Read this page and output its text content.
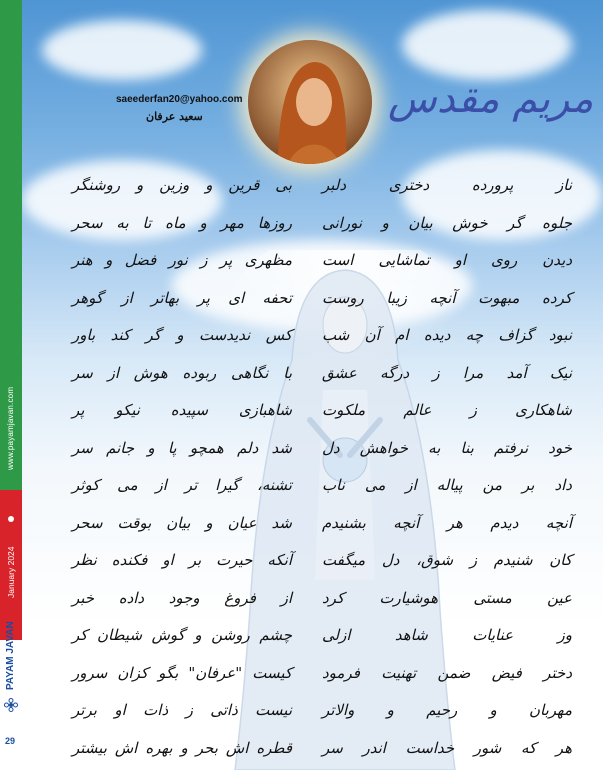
www.payamjavan.com
January 2024
PAYAM JAVAN
29
مریم مقدس
saeederfan20@yahoo.com
سعید عرفان
ناز پرورده دختری دلبر
بی قرین و وزین و روشنگر
جلوه گر خوش بیان و نورانی
روزها مهر و ماه تا به سحر
دیدن روی او تماشایی است
مظهری پر ز نور فضل و هنر
کرده مبهوت آنچه زیبا روست
تحفه ای پر بهاتر از گوهر
نبود گزاف چه دیده ام آن شب
کس ندیدست و گر کند باور
نیک آمد مرا ز درگه عشق
با نگاهی ربوده هوش از سر
شاهکاری ز عالم ملکوت
شاهبازی سپیده نیکو پر
خود نرفتم بنا به خواهش دل
شد دلم همچو پا و جانم سر
داد بر من پیاله از می ناب
تشنه، گیرا تر از می کوثر
آنچه دیدم هر آنچه بشنیدم
شد عیان و بیان بوقت سحر
کان شنیدم ز شوق، دل میگفت
آنکه حیرت بر او فکنده نظر
عین مستی هوشیارت کرد
از فروغ وجود داده خبر
وز عنایات شاهد ازلی
چشم روشن و گوش شیطان کر
دختر فیض ضمن تهنیت فرمود
کیست "عرفان" بگو کزان سرور
مهربان و رحیم و والاتر
نیست ذاتی ز ذات او برتر
هر که شور خداست اندر سر
قطره اش بحر و بهره اش بیشتر
